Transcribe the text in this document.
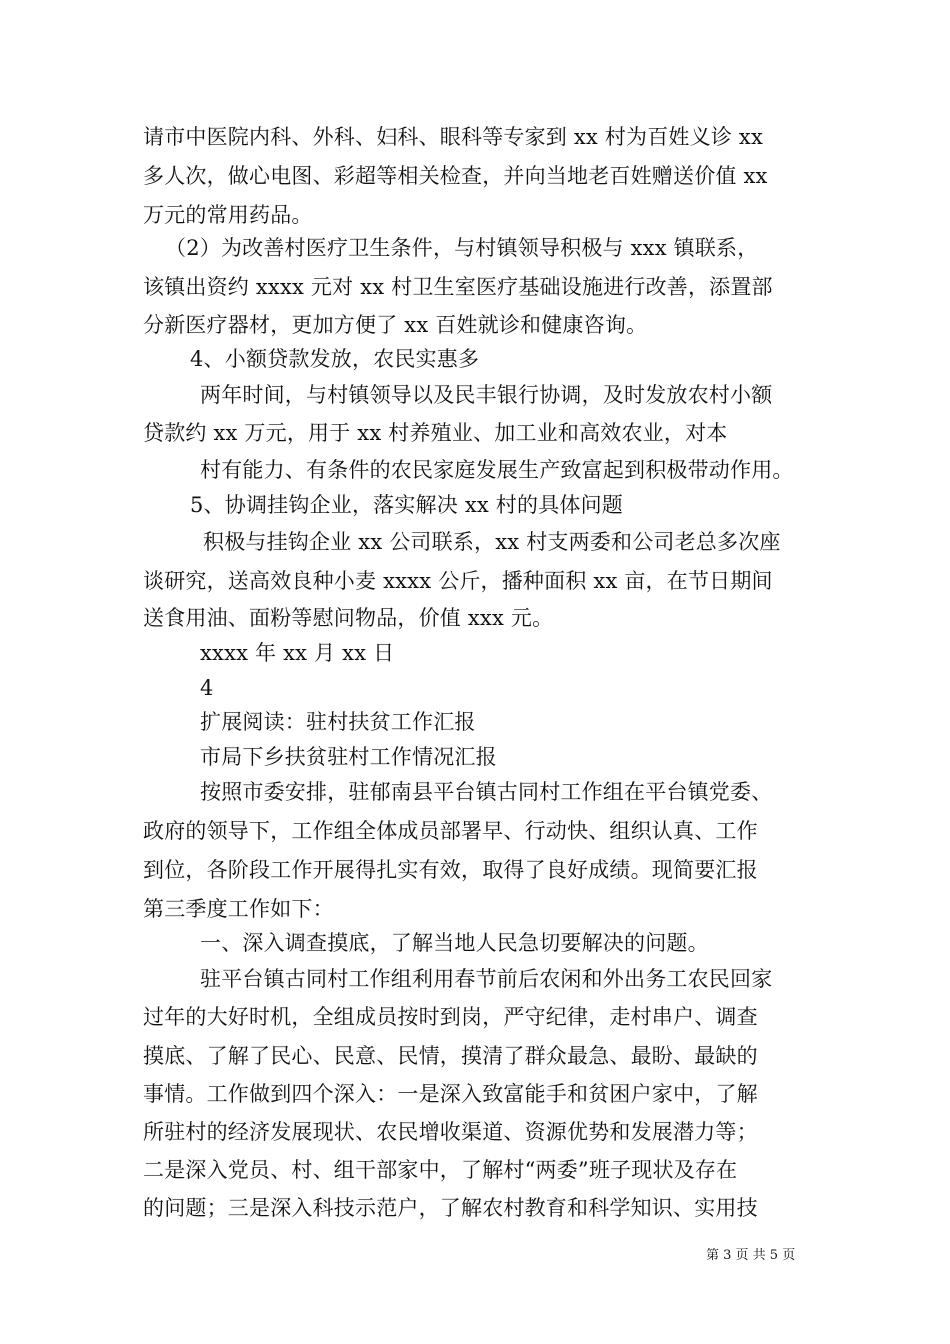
请市中医院内科、外科、妇科、眼科等专家到 xx 村为百姓义诊 xx
多人次，做心电图、彩超等相关检查，并向当地老百姓赠送价值 xx
万元的常用药品。
（2）为改善村医疗卫生条件，与村镇领导积极与 xxx 镇联系，
该镇出资约 xxxx 元对 xx 村卫生室医疗基础设施进行改善，添置部
分新医疗器材，更加方便了 xx 百姓就诊和健康咨询。
4、小额贷款发放，农民实惠多
两年时间，与村镇领导以及民丰银行协调，及时发放农村小额
贷款约 xx 万元，用于 xx 村养殖业、加工业和高效农业，对本
村有能力、有条件的农民家庭发展生产致富起到积极带动作用。
5、协调挂钩企业，落实解决 xx 村的具体问题
积极与挂钩企业 xx 公司联系，xx 村支两委和公司老总多次座
谈研究，送高效良种小麦 xxxx 公斤，播种面积 xx 亩，在节日期间
送食用油、面粉等慰问物品，价值 xxx 元。
xxxx 年 xx 月 xx 日
4
扩展阅读：驻村扶贫工作汇报
市局下乡扶贫驻村工作情况汇报
按照市委安排，驻郁南县平台镇古同村工作组在平台镇党委、
政府的领导下，工作组全体成员部署早、行动快、组织认真、工作
到位，各阶段工作开展得扎实有效，取得了良好成绩。现简要汇报
第三季度工作如下：
一、深入调查摸底，了解当地人民急切要解决的问题。
驻平台镇古同村工作组利用春节前后农闲和外出务工农民回家
过年的大好时机，全组成员按时到岗，严守纪律，走村串户、调查
摸底、了解了民心、民意、民情，摸清了群众最急、最盼、最缺的
事情。工作做到四个深入：一是深入致富能手和贫困户家中，了解
所驻村的经济发展现状、农民增收渠道、资源优势和发展潜力等；
二是深入党员、村、组干部家中，了解村“两委”班子现状及存在
的问题；三是深入科技示范户，了解农村教育和科学知识、实用技
第 3 页 共 5 页
